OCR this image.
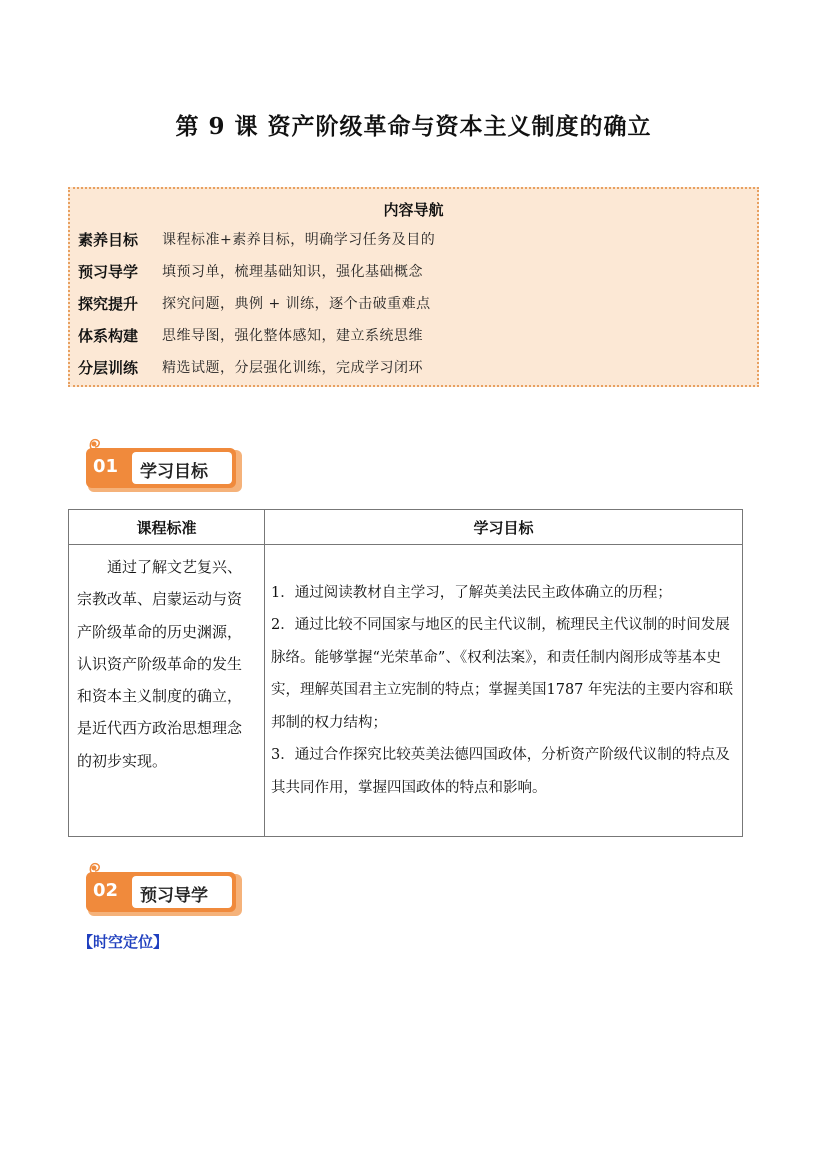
第 9 课 资产阶级革命与资本主义制度的确立
内容导航
素养目标	课程标准+素养目标，明确学习任务及目的
预习导学	填预习单，梳理基础知识，强化基础概念
探究提升	探究问题，典例 + 训练，逐个击破重难点
体系构建	思维导图，强化整体感知，建立系统思维
分层训练	精选试题，分层强化训练，完成学习闭环
01 学习目标
课程标准	学习目标
通过了解文艺复兴、宗教改革、启蒙运动与资产阶级革命的历史渊源，认识资产阶级革命的发生和资本主义制度的确立，是近代西方政治思想理念的初步实现。	1．通过阅读教材自主学习，了解英美法民主政体确立的历程；

2．通过比较不同国家与地区的民主代议制，梳理民主代议制的时间发展脉络。能够掌握“光荣革命”、《权利法案》，和责任制内阁形成等基本史实，理解英国君主立宪制的特点；掌握美国1787 年宪法的主要内容和联邦制的权力结构；

3．通过合作探究比较英美法德四国政体，分析资产阶级代议制的特点及其共同作用，掌握四国政体的特点和影响。

02 预习导学
【时空定位】
